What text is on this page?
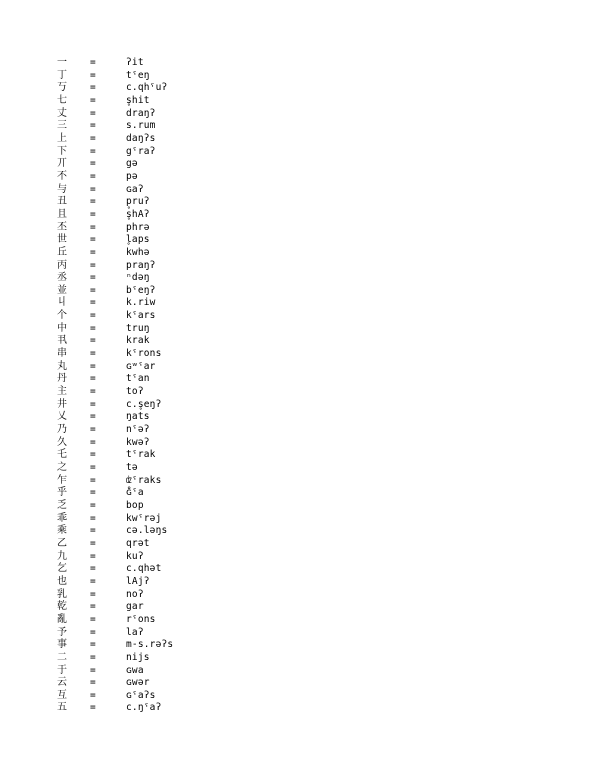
一 =	ʔit
丁 =	tˤeŋ
丂 =	c.qhˤuʔ
七 =	s̥hit
丈 =	draŋʔ
三 =	s.rum
上 =	daŋʔs
下 =	gˤraʔ
丌 =	gə
不 =	pə
与 =	ɢaʔ
丑 =	p̥ruʔ
且 =	s̥hAʔ
丕 =	phrə
世 =	l̥aps
丘 =	kwhə
丙 =	praŋʔ
丞 =	ⁿdəŋ
並 =	bˤeŋʔ
丩 =	k.riw
个 =	kˤars
中 =	truŋ
丮 =	krak
串 =	kˤrons
丸 =	ɢʷˤar
丹 =	tˤan
主 =	toʔ
井 =	c.s̥eŋʔ
乂 =	ŋats
乃 =	nˤəʔ
久 =	kwəʔ
乇 =	tˤrak
之 =	tə
乍 =	ʣˤraks
乎 =	ɢ̊ˤa
乏 =	bop
乖 =	kwˤrəj
乘 =	cə.ləŋs
乙 =	qrət
九 =	kuʔ
乞 =	c.qhət
也 =	lAjʔ
乳 =	noʔ
乾 =	gar
亂 =	rˤons
予 =	laʔ
事 =	m-s.rəʔs
二 =	nijs
于 =	ɢwa
云 =	ɢwər
互 =	ɢˤaʔs
五 =	c.ŋˤaʔ
